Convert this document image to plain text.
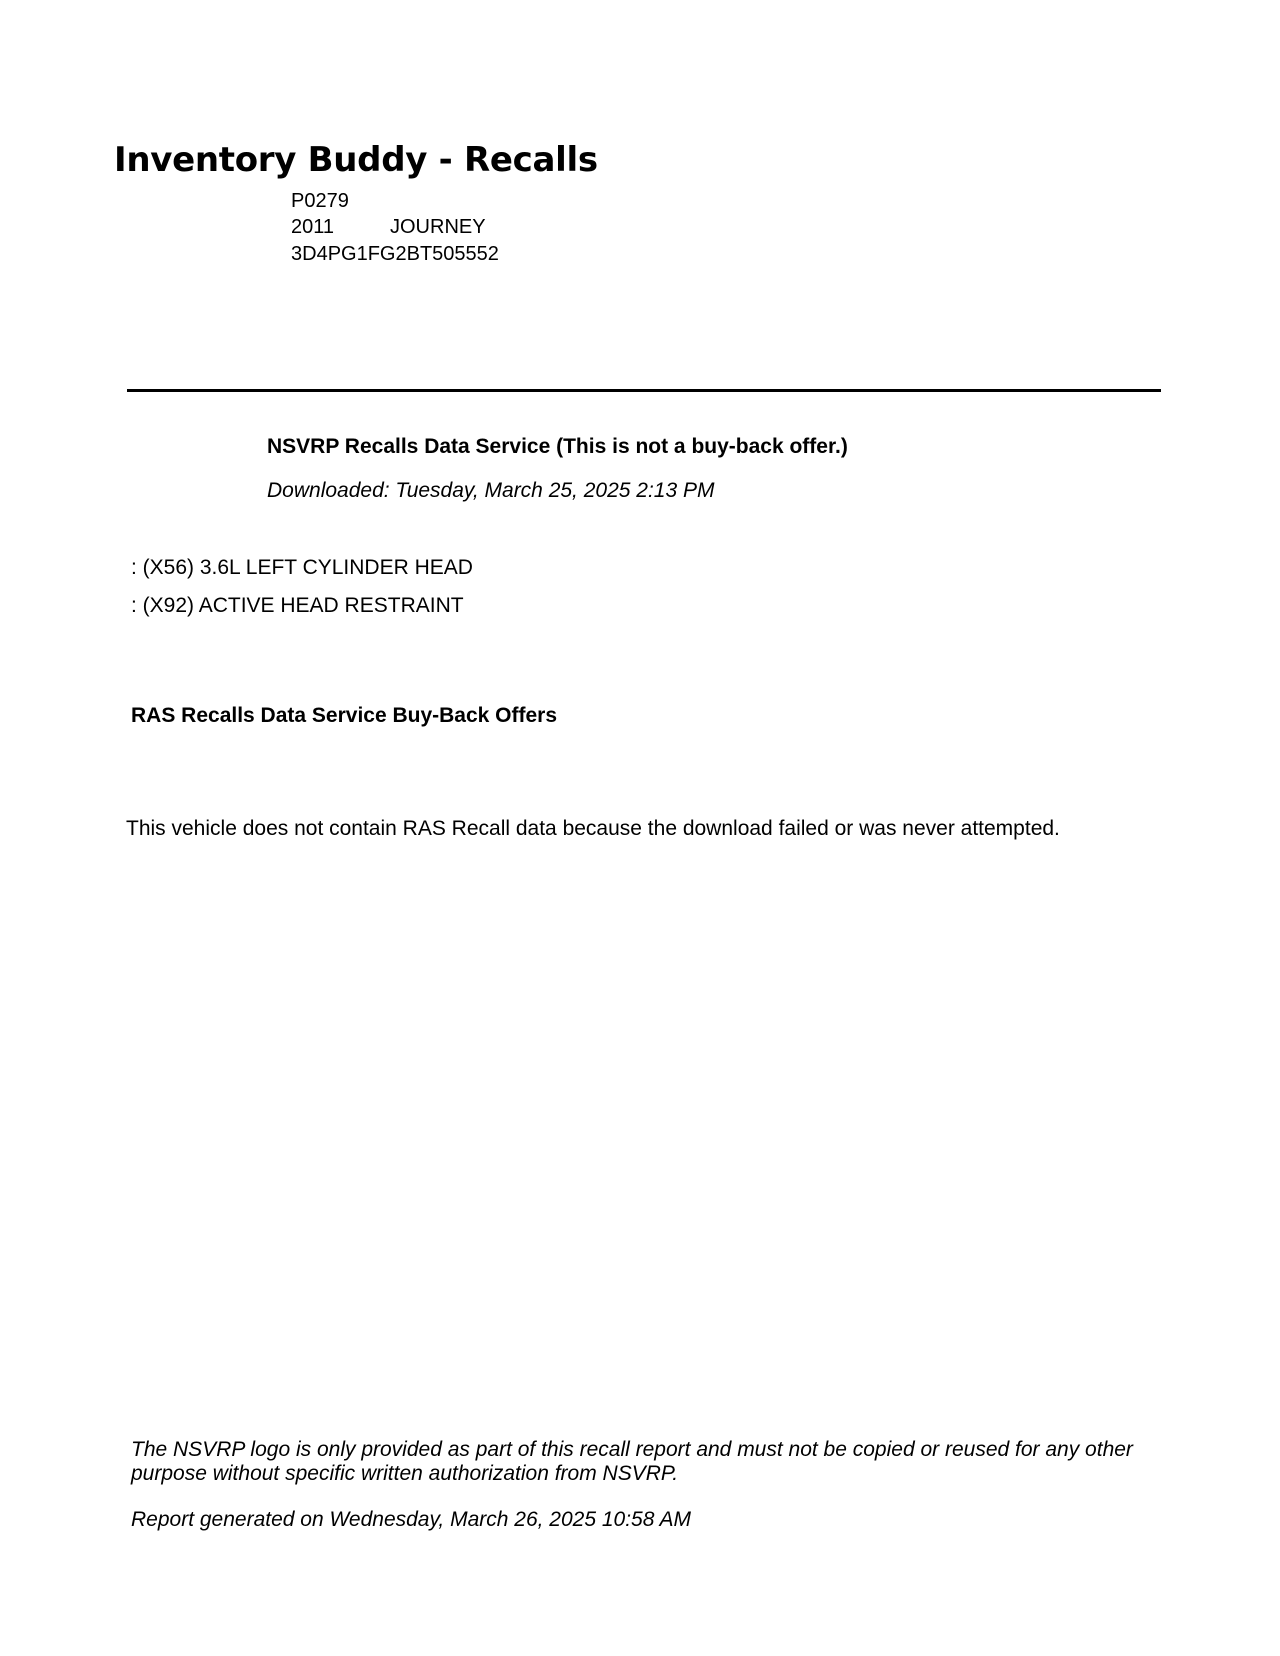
Inventory Buddy - Recalls
P0279
2011	JOURNEY
3D4PG1FG2BT505552
NSVRP Recalls Data Service (This is not a buy-back offer.)
Downloaded: Tuesday, March 25, 2025 2:13 PM
: (X56) 3.6L LEFT CYLINDER HEAD
: (X92) ACTIVE HEAD RESTRAINT
RAS Recalls Data Service Buy-Back Offers
This vehicle does not contain RAS Recall data because the download failed or was never attempted.
The NSVRP logo is only provided as part of this recall report and must not be copied or reused for any other purpose without specific written authorization from NSVRP.
Report generated on Wednesday, March 26, 2025 10:58 AM
